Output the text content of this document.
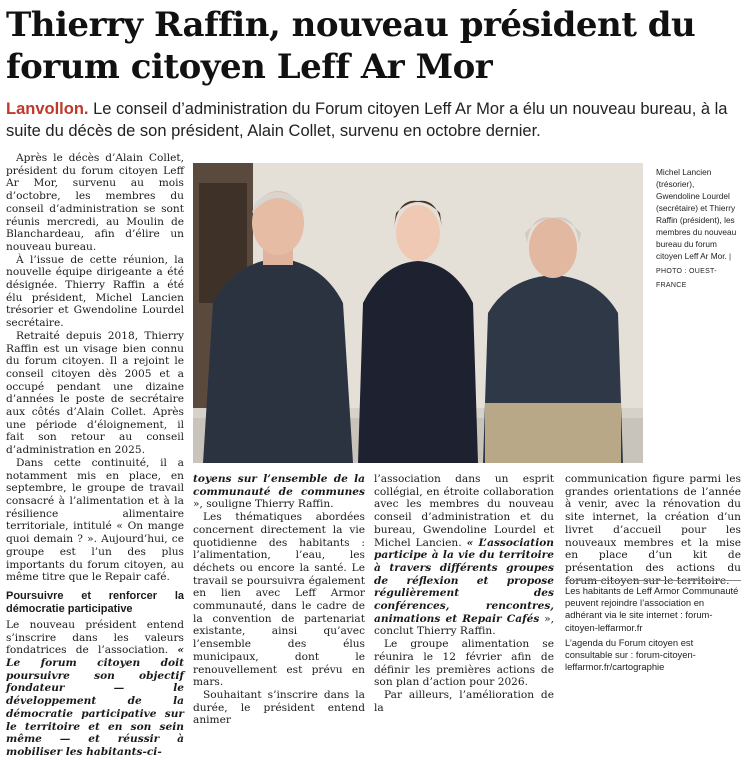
Thierry Raffin, nouveau président du forum citoyen Leff Ar Mor
Lanvollon. Le conseil d’administration du Forum citoyen Leff Ar Mor a élu un nouveau bureau, à la suite du décès de son président, Alain Collet, survenu en octobre dernier.

Après le décès d’Alain Collet, président du forum citoyen Leff Ar Mor, survenu au mois d’octobre, les membres du conseil d’administration se sont réunis mercredi, au Moulin de Blanchardeau, afin d’élire un nouveau bureau.

À l’issue de cette réunion, la nouvelle équipe dirigeante a été désignée. Thierry Raffin a été élu président, Michel Lancien trésorier et Gwendoline Lourdel secrétaire.

Retraité depuis 2018, Thierry Raffin est un visage bien connu du forum citoyen. Il a rejoint le conseil citoyen dès 2005 et a occupé pendant une dizaine d’années le poste de secrétaire aux côtés d’Alain Collet. Après une période d’éloignement, il fait son retour au conseil d’administration en 2025.

Dans cette continuité, il a notamment mis en place, en septembre, le groupe de travail consacré à l’alimentation et à la résilience alimentaire territoriale, intitulé « On mange quoi demain ? ». Aujourd’hui, ce groupe est l’un des plus importants du forum citoyen, au même titre que le Repair café.

Poursuivre et renforcer la démocratie participative

Le nouveau président entend s’inscrire dans les valeurs fondatrices de l’association. « Le forum citoyen doit poursuivre son objectif fondateur — le développement de la démocratie participative sur le territoire et en son sein même — et réussir à mobiliser les habitants-ci-

Michel Lancien (trésorier), Gwendoline Lourdel (secrétaire) et Thierry Raffin (président), les membres du nouveau bureau du forum citoyen Leff Ar Mor. | PHOTO : OUEST-FRANCE

toyens sur l’ensemble de la communauté de communes », souligne Thierry Raffin.

Les thématiques abordées concernent directement la vie quotidienne des habitants : l’alimentation, l’eau, les déchets ou encore la santé. Le travail se poursuivra également en lien avec Leff Armor communauté, dans le cadre de la convention de partenariat existante, ainsi qu’avec l’ensemble des élus municipaux, dont le renouvellement est prévu en mars.

Souhaitant s’inscrire dans la durée, le président entend animer

l’association dans un esprit collégial, en étroite collaboration avec les membres du nouveau conseil d’administration et du bureau, Gwendoline Lourdel et Michel Lancien. « L’association participe à la vie du territoire à travers différents groupes de réflexion et propose régulièrement des conférences, rencontres, animations et Repair Cafés », conclut Thierry Raffin.

Le groupe alimentation se réunira le 12 février afin de définir les premières actions de son plan d’action pour 2026.

Par ailleurs, l’amélioration de la

communication figure parmi les grandes orientations de l’année à venir, avec la rénovation du site internet, la création d’un livret d’accueil pour les nouveaux membres et la mise en place d’un kit de présentation des actions du forum citoyen sur le territoire.

Les habitants de Leff Armor Communauté peuvent rejoindre l’association en adhérant via le site internet : forum-citoyen-leffarmor.fr

L’agenda du Forum citoyen est consultable sur : forum-citoyen-leffarmor.fr/cartographie
